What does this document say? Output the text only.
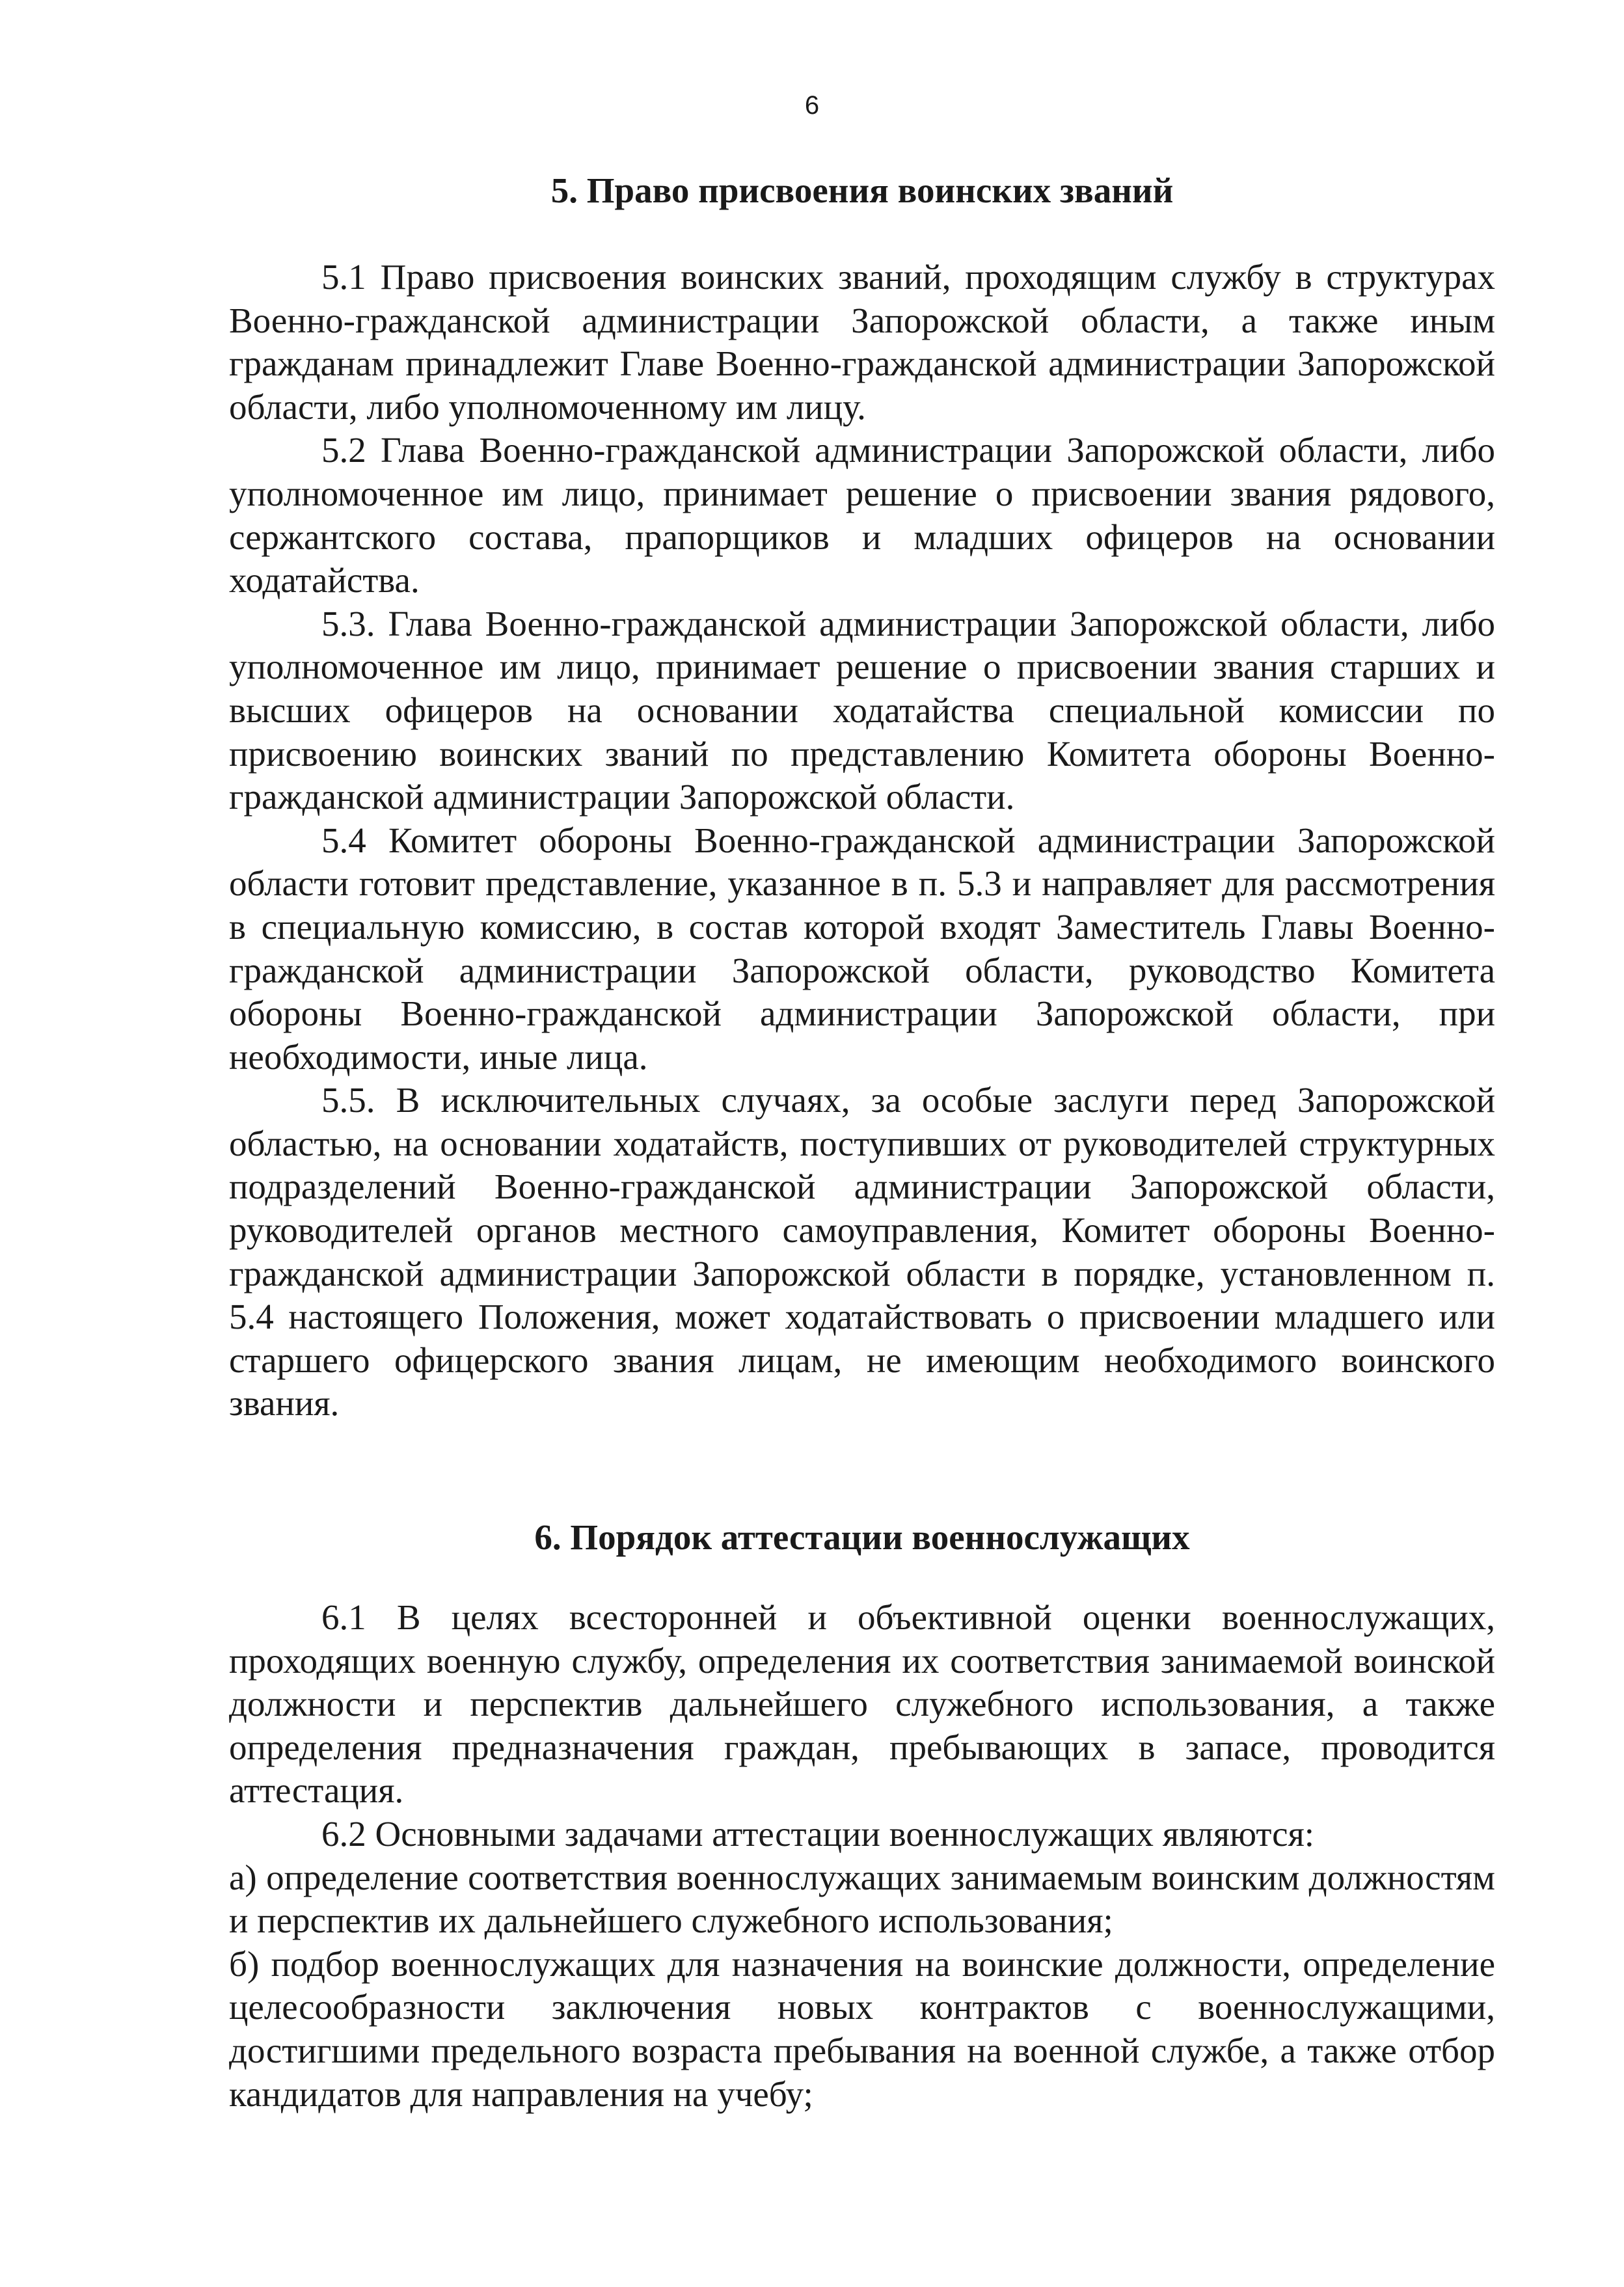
6
5. Право присвоения воинских званий

5.1 Право присвоения воинских званий, проходящим службу в структурах Военно-гражданской администрации Запорожской области, а также иным гражданам принадлежит Главе Военно-гражданской администрации Запорожской области, либо уполномоченному им лицу.

5.2 Глава Военно-гражданской администрации Запорожской области, либо уполномоченное им лицо, принимает решение о присвоении звания рядового, сержантского состава, прапорщиков и младших офицеров на основании ходатайства.

5.3. Глава Военно-гражданской администрации Запорожской области, либо уполномоченное им лицо, принимает решение о присвоении звания старших и высших офицеров на основании ходатайства специальной комиссии по присвоению воинских званий по представлению Комитета обороны Военно-гражданской администрации Запорожской области.

5.4 Комитет обороны Военно-гражданской администрации Запорожской области готовит представление, указанное в п. 5.3 и направляет для рассмотрения в специальную комиссию, в состав которой входят Заместитель Главы Военно-гражданской администрации Запорожской области, руководство Комитета обороны Военно-гражданской администрации Запорожской области, при необходимости, иные лица.

5.5. В исключительных случаях, за особые заслуги перед Запорожской областью, на основании ходатайств, поступивших от руководителей структурных подразделений Военно-гражданской администрации Запорожской области, руководителей органов местного самоуправления, Комитет обороны Военно-гражданской администрации Запорожской области в порядке, установленном п. 5.4 настоящего Положения, может ходатайствовать о присвоении младшего или старшего офицерского звания лицам, не имеющим необходимого воинского звания.

6. Порядок аттестации военнослужащих

6.1 В целях всесторонней и объективной оценки военнослужащих, проходящих военную службу, определения их соответствия занимаемой воинской должности и перспектив дальнейшего служебного использования, а также определения предназначения граждан, пребывающих в запасе, проводится аттестация.

6.2 Основными задачами аттестации военнослужащих являются:

а) определение соответствия военнослужащих занимаемым воинским должностям и перспектив их дальнейшего служебного использования;

б) подбор военнослужащих для назначения на воинские должности, определение целесообразности заключения новых контрактов с военнослужащими, достигшими предельного возраста пребывания на военной службе, а также отбор кандидатов для направления на учебу;
